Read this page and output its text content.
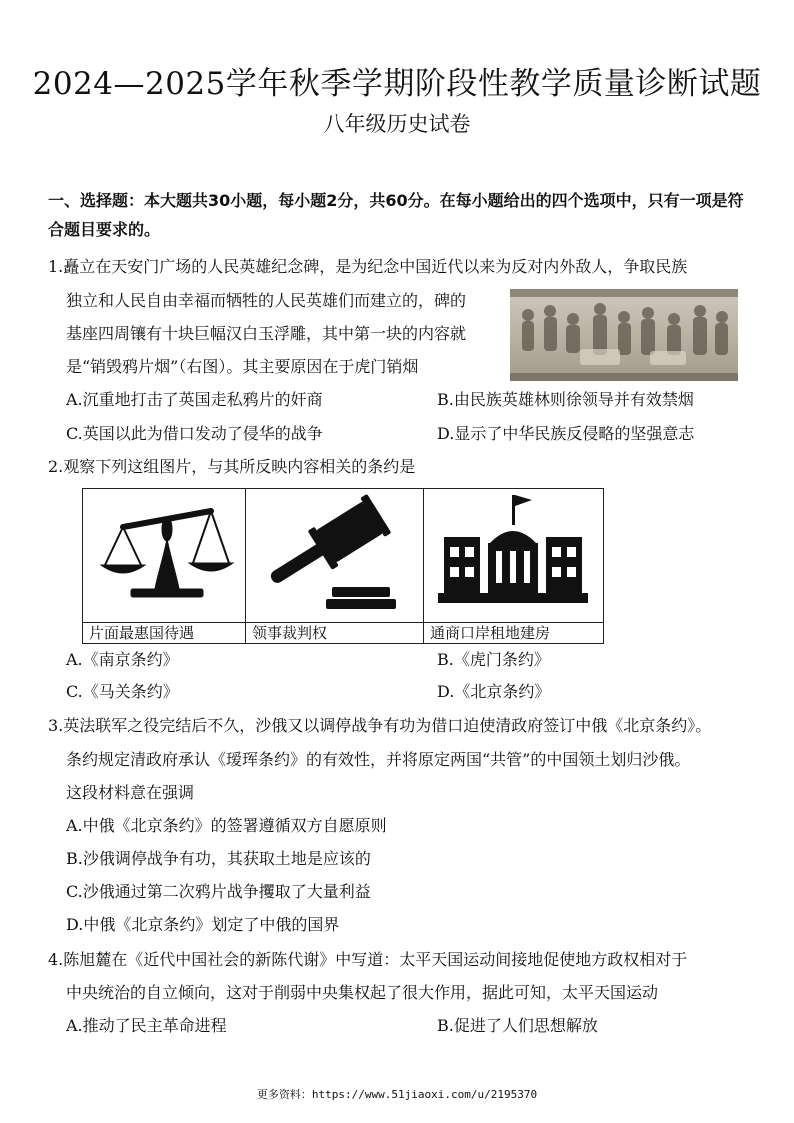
2024—2025学年秋季学期阶段性教学质量诊断试题
八年级历史试卷
一、选择题：本大题共30小题，每小题2分，共60分。在每小题给出的四个选项中，只有一项是符合题目要求的。
1.矗立在天安门广场的人民英雄纪念碑，是为纪念中国近代以来为反对内外敌人，争取民族
独立和人民自由幸福而牺牲的人民英雄们而建立的，碑的
基座四周镶有十块巨幅汉白玉浮雕，其中第一块的内容就
是“销毁鸦片烟”（右图）。其主要原因在于虎门销烟
A.沉重地打击了英国走私鸦片的奸商	B.由民族英雄林则徐领导并有效禁烟
C.英国以此为借口发动了侵华的战争	D.显示了中华民族反侵略的坚强意志
2.观察下列这组图片，与其所反映内容相关的条约是
片面最惠国待遇	领事裁判权	通商口岸租地建房
A.《南京条约》	B.《虎门条约》
C.《马关条约》	D.《北京条约》
3.英法联军之役完结后不久，沙俄又以调停战争有功为借口迫使清政府签订中俄《北京条约》。
条约规定清政府承认《瑷珲条约》的有效性，并将原定两国“共管”的中国领土划归沙俄。
这段材料意在强调
A.中俄《北京条约》的签署遵循双方自愿原则
B.沙俄调停战争有功，其获取土地是应该的
C.沙俄通过第二次鸦片战争攫取了大量利益
D.中俄《北京条约》划定了中俄的国界
4.陈旭麓在《近代中国社会的新陈代谢》中写道：太平天国运动间接地促使地方政权相对于
中央统治的自立倾向，这对于削弱中央集权起了很大作用，据此可知，太平天国运动
A.推动了民主革命进程	B.促进了人们思想解放
更多资料：https://www.51jiaoxi.com/u/2195370
